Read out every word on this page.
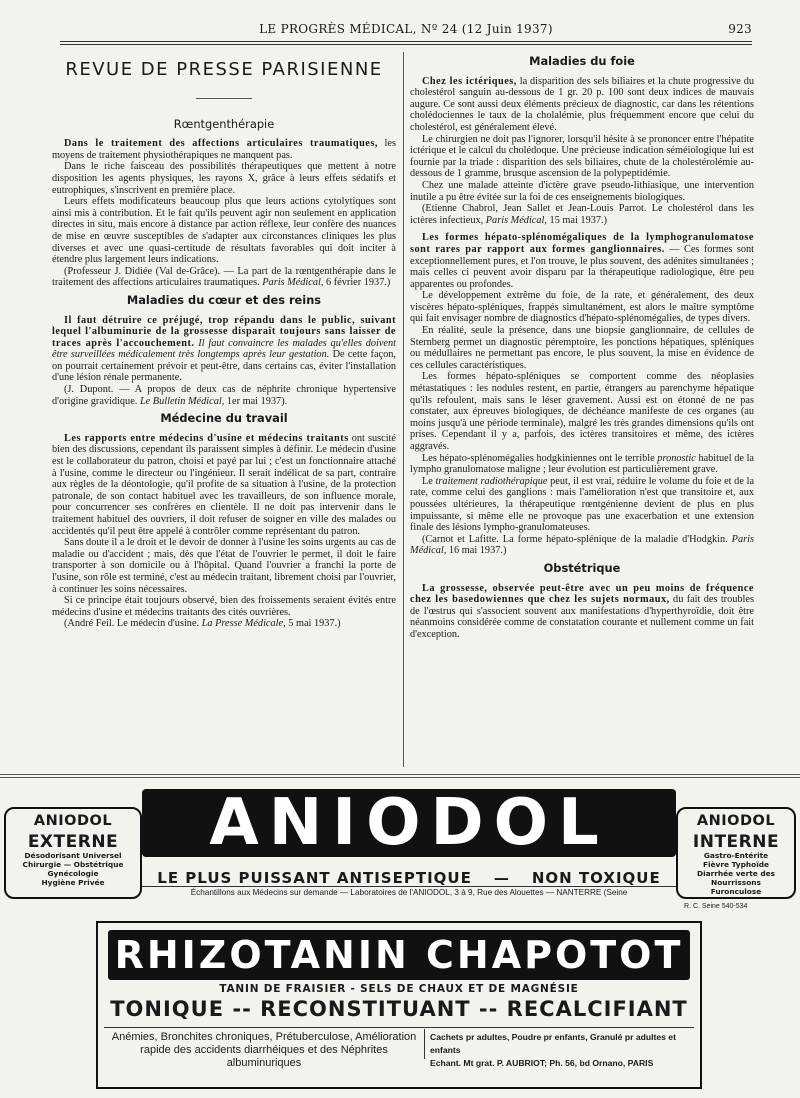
LE PROGRÈS MÉDICAL, Nº 24 (12 Juin 1937)	923
REVUE DE PRESSE PARISIENNE
Rœntgenthérapie

Dans le traitement des affections articulaires traumatiques, les moyens de traitement physiothérapiques ne manquent pas.

Dans le riche faisceau des possibilités thérapeutiques que mettent à notre disposition les agents physiques, les rayons X, grâce à leurs effets sédatifs et eutrophiques, s'inscrivent en première place.

Leurs effets modificateurs beaucoup plus que leurs actions cytolytiques sont ainsi mis à contribution. Et le fait qu'ils peuvent agir non seulement en application directes in situ, mais encore à distance par action réflexe, leur confère des nuances de mise en œuvre susceptibles de s'adapter aux circonstances cliniques les plus diverses et avec une quasi-certitude de résultats favorables qui doit inciter à étendre plus largement leurs indications.

(Professeur J. Didiée (Val de-Grâce). — La part de la rœntgenthérapie dans le traitement des affections articulaires traumatiques. Paris Médical, 6 février 1937.)

Maladies du cœur et des reins

Il faut détruire ce préjugé, trop répandu dans le public, suivant lequel l'albuminurie de la grossesse disparaît toujours sans laisser de traces après l'accouchement. Il faut convaincre les malades qu'elles doivent être surveillées médicalement très longtemps après leur gestation. De cette façon, on pourrait certainement prévoir et peut-être, dans certains cas, éviter l'installation d'une lésion rénale permanente.

(J. Dupont. — A propos de deux cas de néphrite chronique hypertensive d'origine gravidique. Le Bulletin Médical, 1er mai 1937).

Médecine du travail

Les rapports entre médecins d'usine et médecins traitants ont suscité bien des discussions, cependant ils paraissent simples à définir. Le médecin d'usine est le collaborateur du patron, choisi et payé par lui ; c'est un fonctionnaire attaché à l'usine, comme le directeur ou l'ingénieur. Il serait indélicat de sa part, contraire aux règles de la déontologie, qu'il profite de sa situation à l'usine, de la protection patronale, de son contact habituel avec les travailleurs, de son influence morale, pour concurrencer ses confrères en clientèle. Il ne doit pas intervenir dans le traitement habituel des ouvriers, il doit refuser de soigner en ville des malades ou accidentés qu'il peut être appelé à contrôler comme représentant du patron.

Sans doute il a le droit et le devoir de donner à l'usine les soins urgents au cas de maladie ou d'accident ; mais, dès que l'état de l'ouvrier le permet, il doit le faire transporter à son domicile ou à l'hôpital. Quand l'ouvrier a franchi la porte de l'usine, son rôle est terminé, c'est au médecin traitant, librement choisi par l'ouvrier, à continuer les soins nécessaires.

Si ce principe était toujours observé, bien des froissements seraient évités entre médecins d'usine et médecins traitants des cités ouvrières.

(André Feil. Le médecin d'usine. La Presse Médicale, 5 mai 1937.)

Maladies du foie

Chez les ictériques, la disparition des sels biliaires et la chute progressive du cholestérol sanguin au-dessous de 1 gr. 20 p. 100 sont deux indices de mauvais augure. Ce sont aussi deux éléments précieux de diagnostic, car dans les rétentions cholédociennes le taux de la cholalémie, plus fréquemment encore que celui du cholestérol, est généralement élevé.

Le chirurgien ne doit pas l'ignorer, lorsqu'il hésite à se prononcer entre l'hépatite ictérique et le calcul du cholédoque. Une précieuse indication séméiologique lui est fournie par la triade : disparition des sels biliaires, chute de la cholestérolémie au-dessous de 1 gramme, brusque ascension de la polypeptidémie.

Chez une malade atteinte d'ictère grave pseudo-lithiasique, une intervention inutile a pu être évitée sur la foi de ces enseignements biologiques.

(Etienne Chabrol, Jean Sallet et Jean-Louis Parrot. Le cholestérol dans les ictères infectieux, Paris Médical, 15 mai 1937.)

Les formes hépato-splénomégaliques de la lymphogranulomatose sont rares par rapport aux formes ganglionnaires. — Ces formes sont exceptionnellement pures, et l'on trouve, le plus souvent, des adénites simultanées ; mais celles ci peuvent avoir disparu par la thérapeutique radiologique, être peu apparentes ou profondes.

Le développement extrême du foie, de la rate, et généralement, des deux viscères hépato-spléniques, frappés simultanément, est alors le maître symptôme qui fait envisager nombre de diagnostics d'hépato-splénomégalies, de types divers.

En réalité, seule la présence, dans une biopsie ganglionnaire, de cellules de Sternberg permet un diagnostic péremptoire, les ponctions hépatiques, spléniques ou médullaires ne permettant pas encore, le plus souvent, la mise en évidence de ces cellules caractéristiques.

Les formes hépato-spléniques se comportent comme des néoplasies métastatiques : les nodules restent, en partie, étrangers au parenchyme hépatique qu'ils refoulent, mais sans le léser gravement. Aussi est on étonné de ne pas constater, aux épreuves biologiques, de déchéance manifeste de ces organes (au moins jusqu'à une période terminale), malgré les très grandes dimensions qu'ils ont prises. Cependant il y a, parfois, des ictères transitoires et même, des ictères aggravés.

Les hépato-splénomégalies hodgkiniennes ont le terrible pronostic habituel de la lympho granulomatose maligne ; leur évolution est particulièrement grave.

Le traitement radiothérapique peut, il est vrai, réduire le volume du foie et de la rate, comme celui des ganglions : mais l'amélioration n'est que transitoire et, aux poussées ultérieures, la thérapeutique rœntgénienne devient de plus en plus impuissante, si même elle ne provoque pas une exacerbation et une extension finale des lésions lympho-granulomateuses.

(Carnot et Lafitte. La forme hépato-splénique de la maladie d'Hodgkin. Paris Médical, 16 mai 1937.)

Obstétrique

La grossesse, observée peut-être avec un peu moins de fréquence chez les basedowiennes que chez les sujets normaux, du fait des troubles de l'œstrus qui s'associent souvent aux manifestations d'hyperthyroïdie, doit être néanmoins considérée comme de constatation courante et nullement comme un fait d'exception.

ANIODOL
EXTERNE
Désodorisant Universel
Chirurgie — Obstétrique
Gynécologie
Hygiène Privée
ANIODOL
LE PLUS PUISSANT ANTISEPTIQUE — NON TOXIQUE
Échantillons aux Médecins sur demande — Laboratoires de l'ANIODOL, 3 à 9, Rue des Alouettes — NANTERRE (Seine
ANIODOL
INTERNE
Gastro-Entérite
Fièvre Typhoïde
Diarrhée verte des Nourrissons
Furonculose
R. C. Seine 540-534
RHIZOTANIN CHAPOTOT
TANIN DE FRAISIER - SELS DE CHAUX ET DE MAGNÉSIE
TONIQUE -- RECONSTITUANT -- RECALCIFIANT
Anémies, Bronchites chroniques, Prétuberculose, Amélioration rapide des accidents diarrhéiques et des Néphrites albuminuriques
Cachets pr adultes, Poudre pr enfants, Granulé pr adultes et enfants
Echant. Mt grat. P. AUBRIOT; Ph. 56, bd Ornano, PARIS
